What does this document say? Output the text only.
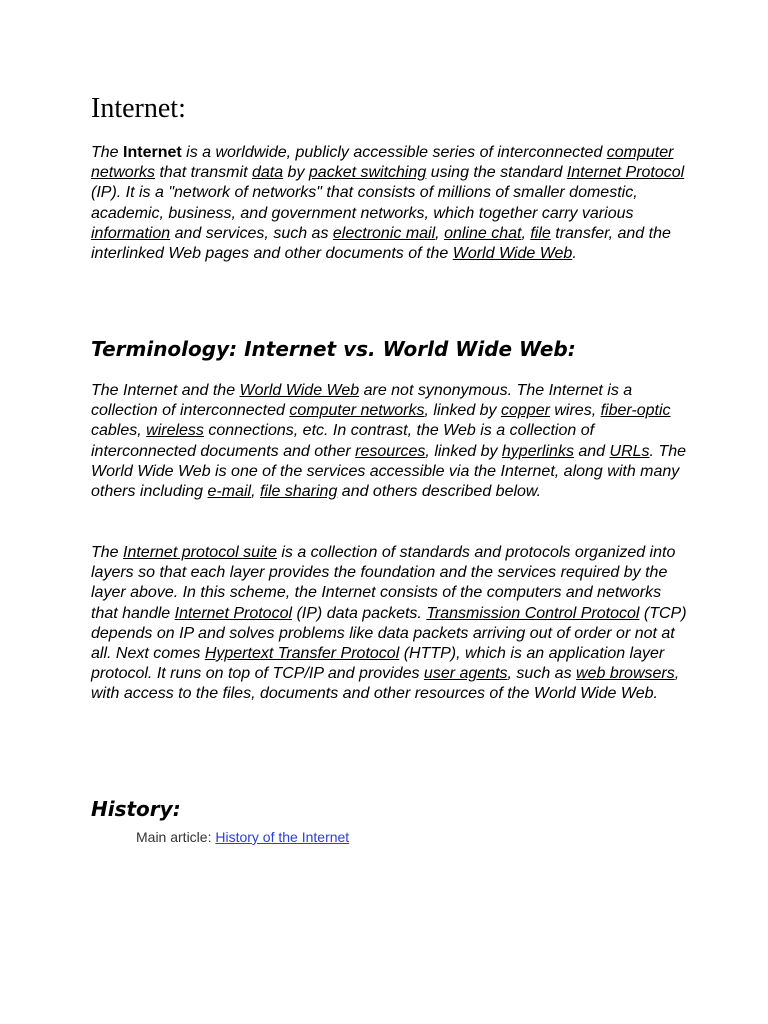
Internet:

The Internet is a worldwide, publicly accessible series of interconnected computer networks that transmit data by packet switching using the standard Internet Protocol (IP). It is a "network of networks" that consists of millions of smaller domestic, academic, business, and government networks, which together carry various information and services, such as electronic mail, online chat, file transfer, and the interlinked Web pages and other documents of the World Wide Web.

Terminology: Internet vs. World Wide Web:

The Internet and the World Wide Web are not synonymous. The Internet is a collection of interconnected computer networks, linked by copper wires, fiber-optic cables, wireless connections, etc. In contrast, the Web is a collection of interconnected documents and other resources, linked by hyperlinks and URLs. The World Wide Web is one of the services accessible via the Internet, along with many others including e-mail, file sharing and others described below.

The Internet protocol suite is a collection of standards and protocols organized into layers so that each layer provides the foundation and the services required by the layer above. In this scheme, the Internet consists of the computers and networks that handle Internet Protocol (IP) data packets. Transmission Control Protocol (TCP) depends on IP and solves problems like data packets arriving out of order or not at all. Next comes Hypertext Transfer Protocol (HTTP), which is an application layer protocol. It runs on top of TCP/IP and provides user agents, such as web browsers, with access to the files, documents and other resources of the World Wide Web.

History:

Main article: History of the Internet
